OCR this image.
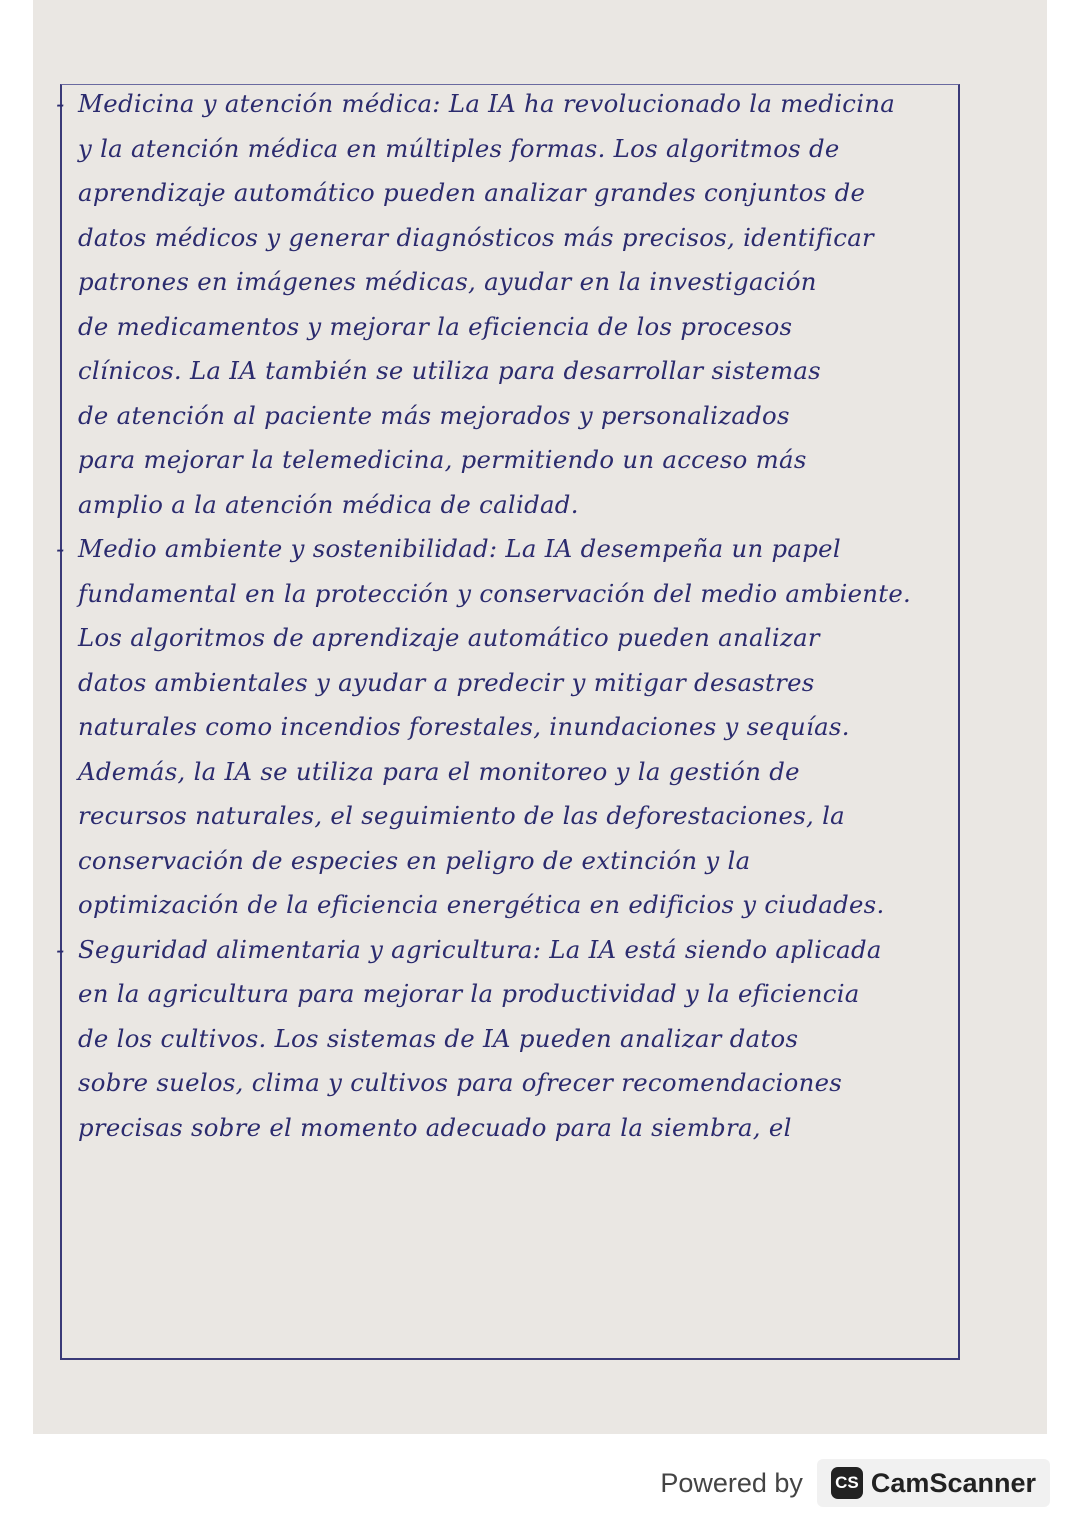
- Medicina y atención médica: La IA ha revolucionado la medicina
y la atención médica en múltiples formas. Los algoritmos de
aprendizaje automático pueden analizar grandes conjuntos de
datos médicos y generar diagnósticos más precisos, identificar
patrones en imágenes médicas, ayudar en la investigación
de medicamentos y mejorar la eficiencia de los procesos
clínicos. La IA también se utiliza para desarrollar sistemas
de atención al paciente más mejorados y personalizados
para mejorar la telemedicina, permitiendo un acceso más
amplio a la atención médica de calidad.
- Medio ambiente y sostenibilidad: La IA desempeña un papel
fundamental en la protección y conservación del medio ambiente.
Los algoritmos de aprendizaje automático pueden analizar
datos ambientales y ayudar a predecir y mitigar desastres
naturales como incendios forestales, inundaciones y sequías.
Además, la IA se utiliza para el monitoreo y la gestión de
recursos naturales, el seguimiento de las deforestaciones, la
conservación de especies en peligro de extinción y la
optimización de la eficiencia energética en edificios y ciudades.
- Seguridad alimentaria y agricultura: La IA está siendo aplicada
en la agricultura para mejorar la productividad y la eficiencia
de los cultivos. Los sistemas de IA pueden analizar datos
sobre suelos, clima y cultivos para ofrecer recomendaciones
precisas sobre el momento adecuado para la siembra, el
Powered by CS CamScanner
